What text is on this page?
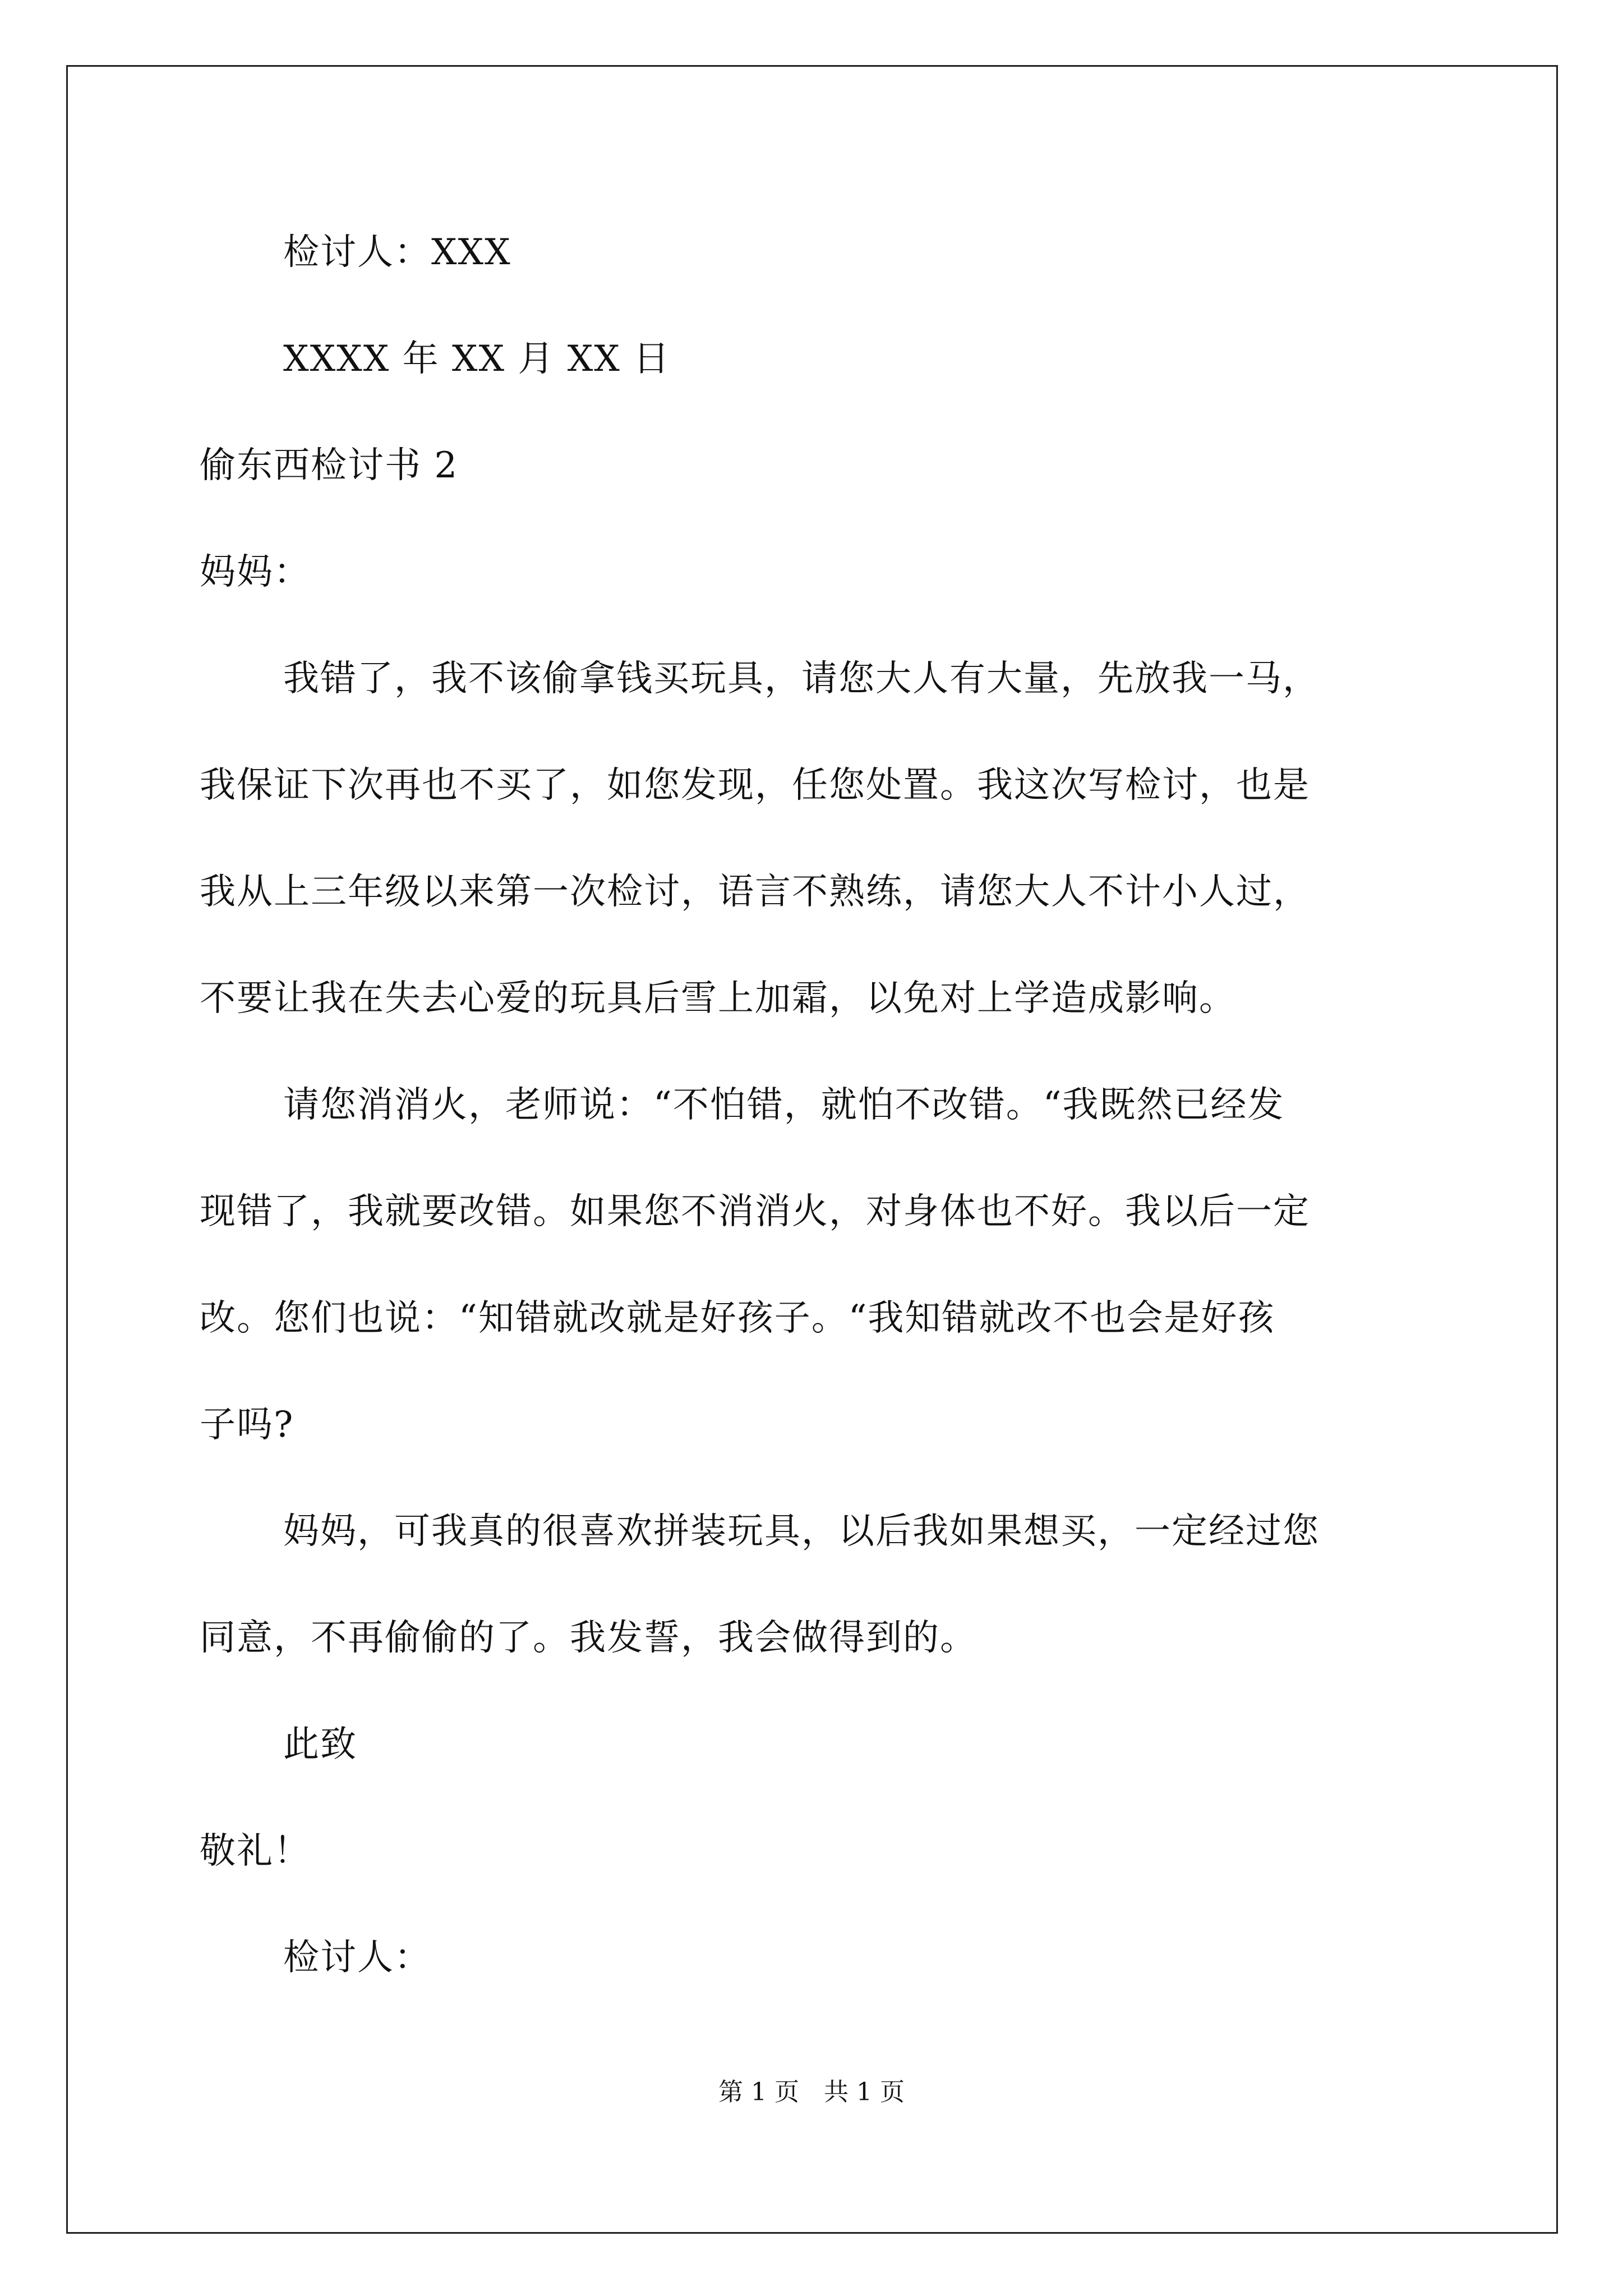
检讨人：XXX
XXXX 年 XX 月 XX 日
偷东西检讨书 2
妈妈：
我错了，我不该偷拿钱买玩具，请您大人有大量，先放我一马，
我保证下次再也不买了，如您发现，任您处置。我这次写检讨，也是
我从上三年级以来第一次检讨，语言不熟练，请您大人不计小人过，
不要让我在失去心爱的玩具后雪上加霜，以免对上学造成影响。
请您消消火，老师说：“不怕错，就怕不改错。“我既然已经发
现错了，我就要改错。如果您不消消火，对身体也不好。我以后一定
改。您们也说：“知错就改就是好孩子。“我知错就改不也会是好孩
子吗?
妈妈，可我真的很喜欢拼装玩具，以后我如果想买，一定经过您
同意，不再偷偷的了。我发誓，我会做得到的。
此致
敬礼！
检讨人：
第 1 页　共 1 页
